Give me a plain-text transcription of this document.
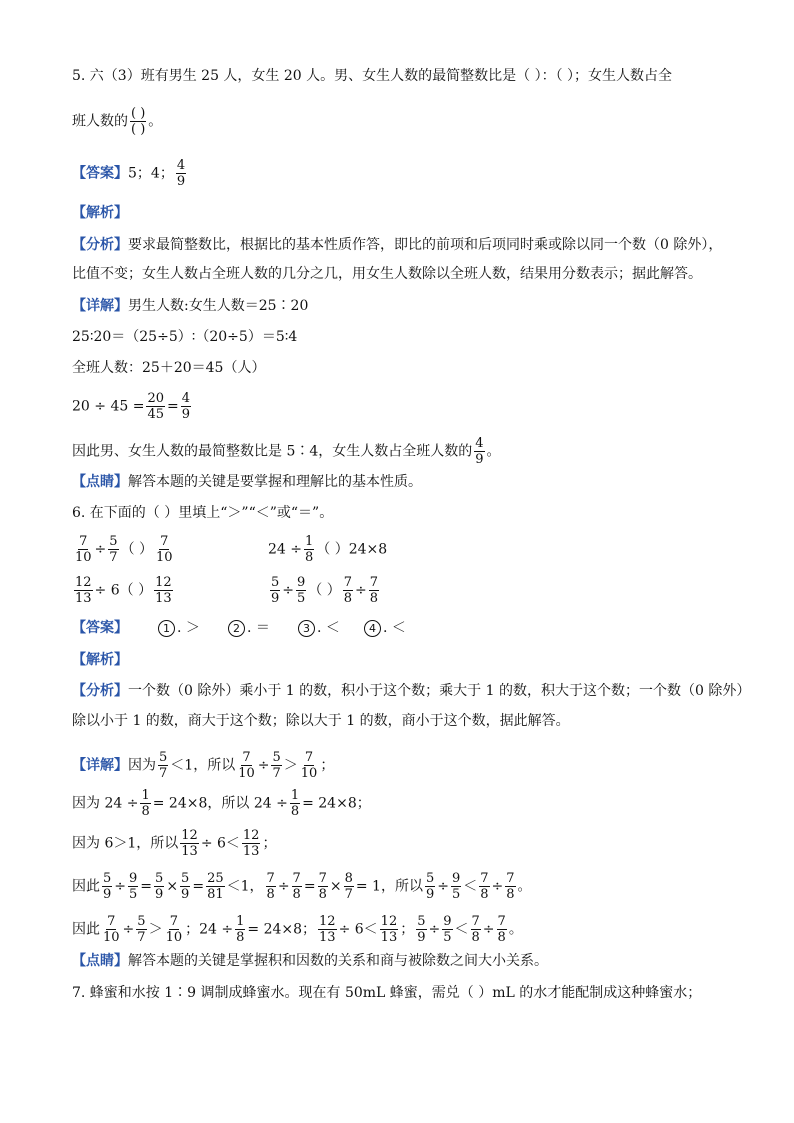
5. 六（3）班有男生 25 人，女生 20 人。男、女生人数的最简整数比是（ ）：（ ）；女生人数占全
班人数的 $\frac{( )}{( )}$ 。
【答案】5；4； $\frac{4}{9}$
【解析】
【分析】要求最简整数比，根据比的基本性质作答，即比的前项和后项同时乘或除以同一个数（0 除外），
比值不变；女生人数占全班人数的几分之几，用女生人数除以全班人数，结果用分数表示；据此解答。
【详解】男生人数:女生人数＝25∶20
25∶20＝（25÷5）∶（20÷5）＝5∶4
全班人数：25＋20＝45（人）
$20 \div 45 = \frac{20}{45} = \frac{4}{9}$
因此男、女生人数的最简整数比是 5∶4，女生人数占全班人数的 $\frac{4}{9}$ 。
【点睛】解答本题的关键是要掌握和理解比的基本性质。
6. 在下面的（ ）里填上“＞”“＜”或“＝”。
$\frac{7}{10} \div \frac{5}{7}$ （ ） $\frac{7}{10}$	$24 \div \frac{1}{8}$ （ ）24×8
$\frac{12}{13} \div 6$（ ） $\frac{12}{13}$	$\frac{5}{9} \div \frac{9}{5}$ （ ） $\frac{7}{8} \div \frac{7}{8}$
【答案】	1 . ＞	2 . ＝	3 . ＜	4 . ＜
【解析】
【分析】一个数（0 除外）乘小于 1 的数，积小于这个数；乘大于 1 的数，积大于这个数；一个数（0 除外）
除以小于 1 的数，商大于这个数；除以大于 1 的数，商小于这个数，据此解答。
【详解】因为 $\frac{5}{7} <1$，所以 $\frac{7}{10} \div \frac{5}{7} > \frac{7}{10}$ ；
因为 $24 \div \frac{1}{8} = 24\times 8$，所以 $24 \div \frac{1}{8} = 24\times 8$；
因为 6＞1，所以 $\frac{12}{13} \div 6< \frac{12}{13}$ ；
因此 $\frac{5}{9} \div \frac{9}{5} = \frac{5}{9} \times \frac{5}{9} = \frac{25}{81} <1$， $\frac{7}{8} \div \frac{7}{8} = \frac{7}{8} \times \frac{8}{7} = 1$，所以 $\frac{5}{9} \div \frac{9}{5} < \frac{7}{8} \div \frac{7}{8}$ 。
因此 $\frac{7}{10} \div \frac{5}{7} > \frac{7}{10}$ ；$24 \div \frac{1}{8} = 24\times 8$； $\frac{12}{13} \div 6< \frac{12}{13}$ ； $\frac{5}{9} \div \frac{9}{5} < \frac{7}{8} \div \frac{7}{8}$ 。
【点睛】解答本题的关键是掌握积和因数的关系和商与被除数之间大小关系。
7. 蜂蜜和水按 1∶9 调制成蜂蜜水。现在有 50mL 蜂蜜，需兑（ ）mL 的水才能配制成这种蜂蜜水；
